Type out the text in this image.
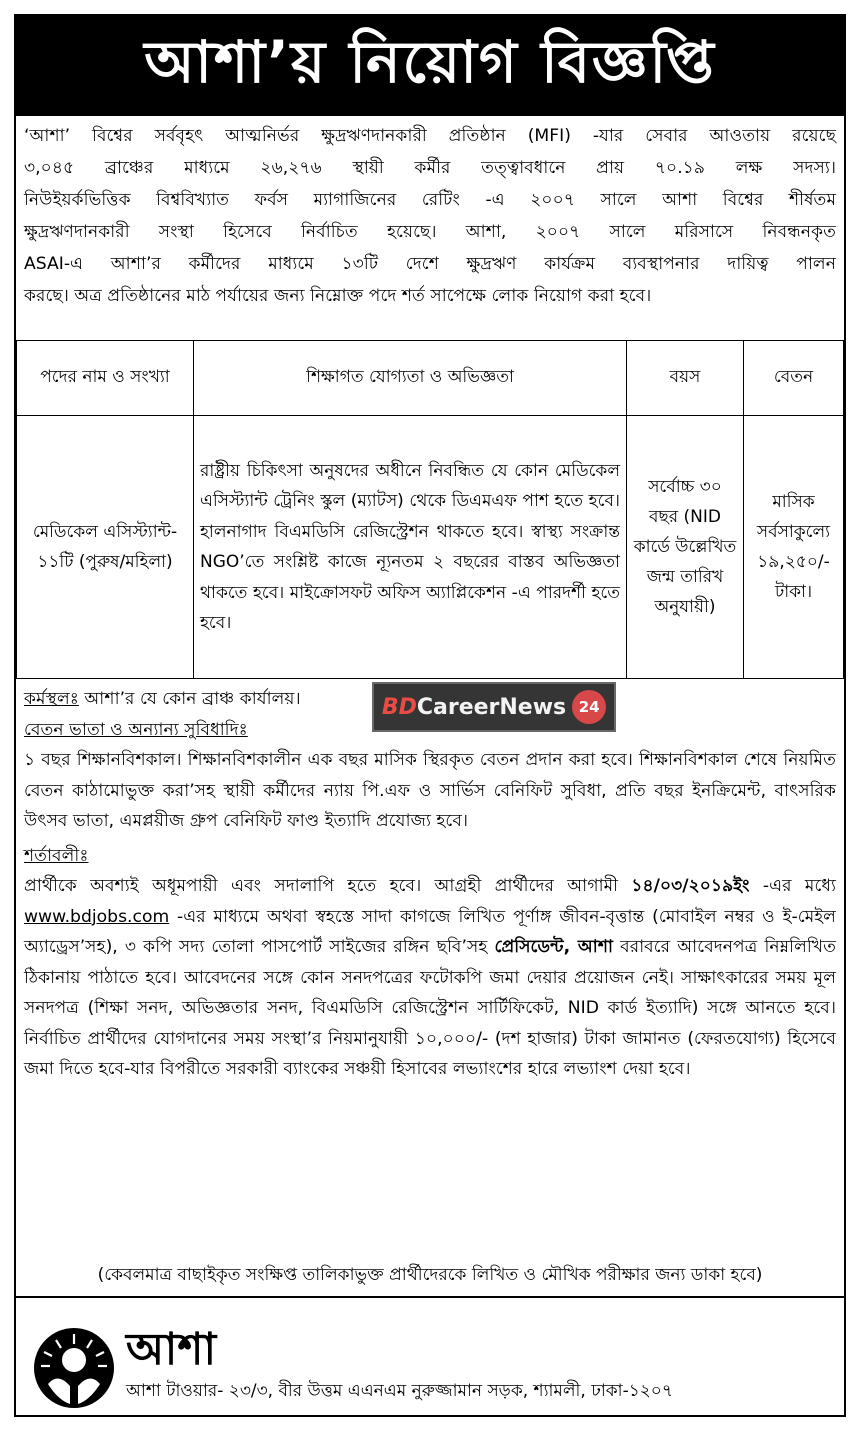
আশা’য় নিয়োগ বিজ্ঞপ্তি

‘আশা’ বিশ্বের সর্ববৃহৎ আত্মনির্ভর ক্ষুদ্রঋণদানকারী প্রতিষ্ঠান (MFI) -যার সেবার আওতায় রয়েছে

৩,০৪৫ ব্রাঞ্চের মাধ্যমে ২৬,২৭৬ স্থায়ী কর্মীর তত্ত্বাবধানে প্রায় ৭০.১৯ লক্ষ সদস্য।

নিউইয়র্কভিত্তিক বিশ্ববিখ্যাত ফর্বস ম্যাগাজিনের রেটিং -এ ২০০৭ সালে আশা বিশ্বের শীর্ষতম

ক্ষুদ্রঋণদানকারী সংস্থা হিসেবে নির্বাচিত হয়েছে। আশা, ২০০৭ সালে মরিসাসে নিবন্ধনকৃত

ASAI-এ আশা’র কর্মীদের মাধ্যমে ১৩টি দেশে ক্ষুদ্রঋণ কার্যক্রম ব্যবস্থাপনার দায়িত্ব পালন

করছে। অত্র প্রতিষ্ঠানের মাঠ পর্যায়ের জন্য নিম্নোক্ত পদে শর্ত সাপেক্ষে লোক নিয়োগ করা হবে।

পদের নাম ও সংখ্যা	শিক্ষাগত যোগ্যতা ও অভিজ্ঞতা	বয়স	বেতন
মেডিকেল এসিস্ট্যান্ট- ১১টি (পুরুষ/মহিলা)	রাষ্ট্রীয় চিকিৎসা অনুষদের অধীনে নিবন্ধিত যে কোন মেডিকেল এসিস্ট্যান্ট ট্রেনিং স্কুল (ম্যাটস) থেকে ডিএমএফ পাশ হতে হবে। হালনাগাদ বিএমডিসি রেজিস্ট্রেশন থাকতে হবে। স্বাস্থ্য সংক্রান্ত NGO’তে সংশ্লিষ্ট কাজে ন্যূনতম ২ বছরের বাস্তব অভিজ্ঞতা থাকতে হবে। মাইক্রোসফট অফিস অ্যাপ্লিকেশন -এ পারদর্শী হতে হবে।	সর্বোচ্চ ৩০ বছর (NID কার্ডে উল্লেখিত জন্ম তারিখ অনুযায়ী)	মাসিক সর্বসাকুল্যে ১৯,২৫০/- টাকা।
কর্মস্থলঃ আশা’র যে কোন ব্রাঞ্চ কার্যালয়।
বেতন ভাতা ও অন্যান্য সুবিধাদিঃ
১ বছর শিক্ষানবিশকাল। শিক্ষানবিশকালীন এক বছর মাসিক স্থিরকৃত বেতন প্রদান করা হবে। শিক্ষানবিশকাল শেষে নিয়মিত বেতন কাঠামোভুক্ত করা’সহ স্থায়ী কর্মীদের ন্যায় পি.এফ ও সার্ভিস বেনিফিট সুবিধা, প্রতি বছর ইনক্রিমেন্ট, বাৎসরিক উৎসব ভাতা, এমপ্লয়ীজ গ্রুপ বেনিফিট ফাণ্ড ইত্যাদি প্রযোজ্য হবে।
শর্তাবলীঃ
প্রার্থীকে অবশ্যই অধূমপায়ী এবং সদালাপি হতে হবে। আগ্রহী প্রার্থীদের আগামী ১৪/০৩/২০১৯ইং -এর মধ্যে www.bdjobs.com -এর মাধ্যমে অথবা স্বহস্তে সাদা কাগজে লিখিত পূর্ণাঙ্গ জীবন-বৃত্তান্ত (মোবাইল নম্বর ও ই-মেইল অ্যাড্রেস’সহ), ৩ কপি সদ্য তোলা পাসপোর্ট সাইজের রঙ্গিন ছবি’সহ প্রেসিডেন্ট, আশা বরাবরে আবেদনপত্র নিম্নলিখিত ঠিকানায় পাঠাতে হবে। আবেদনের সঙ্গে কোন সনদপত্রের ফটোকপি জমা দেয়ার প্রয়োজন নেই। সাক্ষাৎকারের সময় মূল সনদপত্র (শিক্ষা সনদ, অভিজ্ঞতার সনদ, বিএমডিসি রেজিস্ট্রেশন সার্টিফিকেট, NID কার্ড ইত্যাদি) সঙ্গে আনতে হবে। নির্বাচিত প্রার্থীদের যোগদানের সময় সংস্থা’র নিয়মানুযায়ী ১০,০০০/- (দশ হাজার) টাকা জামানত (ফেরতযোগ্য) হিসেবে জমা দিতে হবে-যার বিপরীতে সরকারী ব্যাংকের সঞ্চয়ী হিসাবের লভ্যাংশের হারে লভ্যাংশ দেয়া হবে।
BD CareerNews 24
(কেবলমাত্র বাছাইকৃত সংক্ষিপ্ত তালিকাভুক্ত প্রার্থীদেরকে লিখিত ও মৌখিক পরীক্ষার জন্য ডাকা হবে)
আশা
আশা টাওয়ার- ২৩/৩, বীর উত্তম এএনএম নুরুজ্জামান সড়ক, শ্যামলী, ঢাকা-১২০৭
